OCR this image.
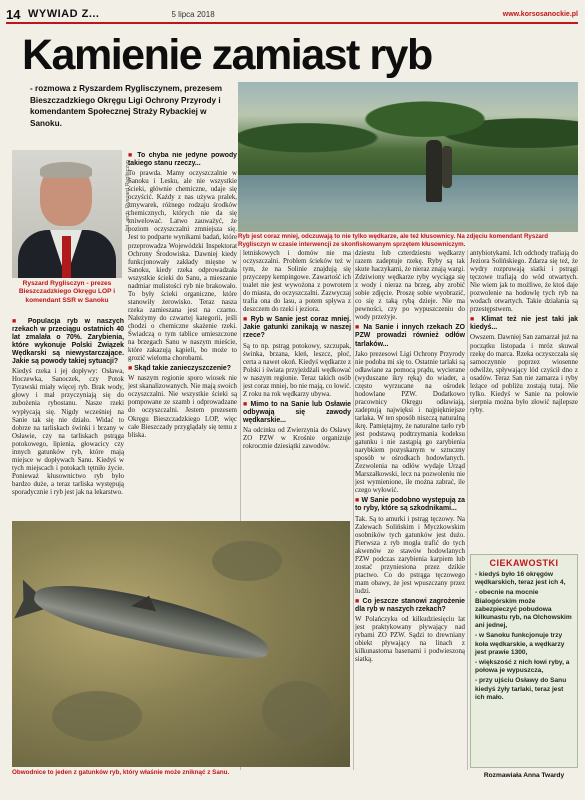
14 WYWIAD Z...	5 lipca 2018	www.korsosanockie.pl
Kamienie zamiast ryb
- rozmowa z Ryszardem Ryglisczynem, prezesem Bieszczadzkiego Okręgu Ligi Ochrony Przyrody i komendantem Społecznej Straży Rybackiej w Sanoku.
Ryb jest coraz mniej, odczuwają to nie tylko wędkarze, ale też kłusownicy. Na zdjęciu komendant Ryszard Ryglisczyn w czasie interwencji ze skonfiskowanym sprzętem kłusowniczym.
fot. arch. Ryszard Ryglisczyn
Ryszard Ryglisczyn - prezes Bieszczadzkiego Okręgu LOP i komendant SSR w Sanoku
■ Populacja ryb w naszych rzekach w przeciągu ostatnich 40 lat zmalała o 70%. Zarybienia, które wykonuje Polski Związek Wędkarski są niewystarczające. Jakie są powody takiej sytuacji?
Kiedyś rzeka i jej dopływy: Osława, Hoczewka, Sanoczek, czy Potok Tyrawski miały więcej ryb. Brak wody, głowy i mał przyczyniają się do zubożenia rybostanu. Nasze rzeki wypłycają się. Nigdy wcześniej na Sanie tak się nie działo. Widać to dobrze na tarliskach świnki i brzany w Osławie, czy na tarliskach pstrąga potokowego, lipienia, głowacicy czy innych gatunków ryb, które mają miejsce w dopływach Sanu. Kiedyś w tych miejscach i potokach tętniło życie. Ponieważ kłusownictwo ryb było bardzo duże, a teraz tarliska występują sporadycznie i ryb jest jak na lekarstwo.
■ To chyba nie jedyne powody takiego stanu rzeczy...
To prawda. Mamy oczyszczalnie w Sanoku i Lesku, ale nie wszystkie ścieki, głównie chemiczne, udaje się oczyścić. Każdy z nas używa pralek, zmywarek, różnego rodzaju środków chemicznych, których nie da się zniwelować. Latwo zauważyć, że poziom oczyszczalni zmniejsza się. Jest to podparte wynikami badań, które przeprowadza Wojewódzki Inspektorat Ochrony Środowiska. Dawniej kiedy funkcjonowały zakłady mięsne w Sanoku, kiedy rzeka odprowadzała wszystkie ścieki do Sanu, a mieszanie nadmiar mulistości ryb nie brakowało. To były ścieki organiczne, które stanowiły żerowisko. Teraz nasza rzeka zamieszana jest na czarno. Należymy do czwartej kategorii, jeśli chodzi o chemiczne skażenie rzeki. Świadczą o tym tablice umieszczone na brzegach Sanu w naszym mieście, które zakazują kąpieli, bo może to grozić wieloma chorobami.
■ Skąd takie zanieczyszczenie?
W naszym regionie sporo wiosek nie jest skanalizowanych. Nie mają swoich oczyszczalni. Nie wszystkie ścieki są pompowane ze szamb i odprowadzane do oczyszczalni. Jestem prezesem Okręgu Bieszczadzkiego LOP, więc całe Bieszczady przyglądały się temu z bliska.
letniskowych i domów nie ma oczyszczalni. Problem ścieków też w tym, że na Solinie znajdują się przyczepy kempingowe. Zawartość ich toalet nie jest wywożona z powrotem do miasta, do oczyszczalni. Zazwyczaj trafia ona do lasu, a potem spływa z deszczem do rzeki i jeziora.
■ Ryb w Sanie jest coraz mniej. Jakie gatunki zanikają w naszej rzece?
Są to np. pstrąg potokowy, szczupak, świnka, brzana, kleń, leszcz, płoć, certa a nawet okoń. Kiedyś wędkarze z Polski i świata przyjeżdżali wędkować w naszym regionie. Teraz takich osób jest coraz mniej, bo nie mają, co łowić. Z roku na rok wędkarzy ubywa.
■ Mimo to na Sanie lub Osławie odbywają się zawody wędkarskie...
Na odcinku od Zwierzynia do Osławy ZO PZW w Krośnie organizuje rokrocznie dziesiątki zawodów.
dziestu lub czterdziestu wędkarzy razem zadeptuje rzekę. Ryby są tak skute haczykami, że nieraz znają wargi. Zdziwiony wędkarze ryby wyciąga się z wody i nieraz na brzeg, aby zrobić sobie zdjęcie. Proszę sobie wyobrazić, co się z taką rybą dzieje. Nie ma pewności, czy po wypuszczeniu do wody przeżyje.
■ Na Sanie i innych rzekach ZO PZW prowadzi również odłów tarlaków...
Jako prezesowi Ligi Ochrony Przyrody nie podoba mi się to. Ostatnie tarlaki są odławiane za pomocą prądu, wycierane (wyduszane ikry ręką) do wiader, a często wyrzucane na ośrodek hodowlane PZW. Dodatkowo pracownicy Okręgu odławiają, zadeptują najwięksi i najpiękniejsze tarlaka. W ten sposób niszczą naturalną ikrę. Pamiętajmy, że naturalne tarło ryb jest podstawą podtrzymania kodeksu gatunku i nie zastąpią go zarybienia narybkiem pozyskanym w sztuczny sposób w ośrodkach hodowlanych. Zezwolenia na odłów wydaje Urząd Marszałkowski, lecz na pozwoleniu nie jest wymienione, ile można zabrać, ile czego wyłowić.
■ W Sanie podobno występują za to ryby, które są szkodnikami...
Tak. Są to amurki i pstrąg tęczowy. Na Zalewach Solińskim i Myczkowskim osobników tych gatunków jest dużo. Pierwsza z ryb mogła trafić do tych akwenów ze stawów hodowlanych PZW podczas zarybienia karpiem lub zostać przyniesiona przez dzikie ptactwo. Co do pstrąga tęczowego mam obawy, że jest wpuszczany przez ludzi.
■ Co jeszcze stanowi zagrożenie dla ryb w naszych rzekach?
W Polańczyku od kilkudziesięciu lat jest praktykowany pływający nad rybami ZO PZW. Sądzi to drewniany obiekt pływający na linach z kilkunastoma basenami i podwieszoną siatką.
antybiotykami. Ich odchody trafiają do Jeziora Solińskiego. Zdarza się też, że wydry rozpruwają siatki i pstrągi tęczowe trafiają do wód otwartych. Nie wiem jak to możliwe, że ktoś daje pozwolenie na hodowlę tych ryb na wodach otwartych. Takie działania są przestępstwem.
■ Klimat też nie jest taki jak kiedyś...
Owszem. Dawniej San zamarzał już na początku listopada i mróz skuwał rzekę do marca. Rzeka oczyszczała się samoczynnie poprzez wiosenne odwilże, spływający lód czyścił dno z osadów. Teraz San nie zamarza i ryby leżące od pobliżu zostają tutaj. Nie tylko. Kiedyś w Sanie na połowie sierpnia można było złowić najlepsze ryby.
Obwodnice to jeden z gatunków ryb, który właśnie może zniknąć z Sanu.
CIEKAWOSTKI
- kiedyś było 16 okręgów wędkarskich, teraz jest ich 4,
- obecnie na mocnie Bialogórskim może zabezpieczyć pobudowa kilkunastu ryb, na Olchowskim ani jednej,
- w Sanoku funkcjonuje trzy koła wędkarskie, a wędkarzy jest prawie 1300,
- większość z nich łowi ryby, a połowa je wypuszcza,
- przy ujściu Osławy do Sanu kiedyś żyły tarlaki, teraz jest ich mało.
Rozmawiała Anna Twardy
